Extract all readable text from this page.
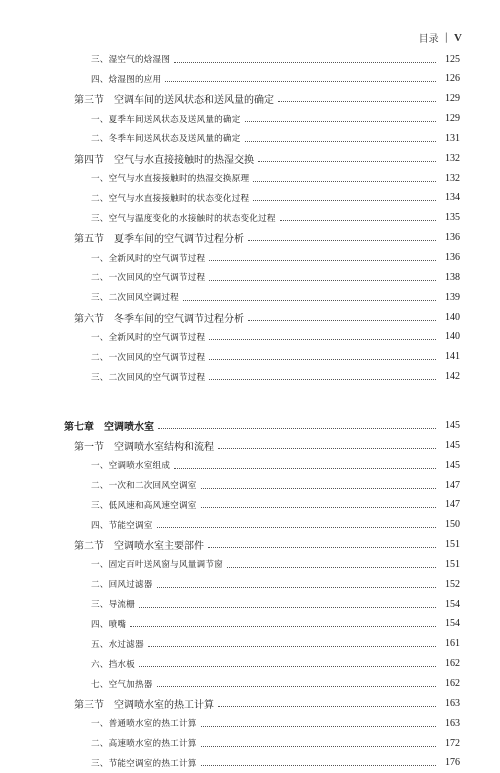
目录 | V
三、湿空气的焓湿图	125
四、焓湿图的应用	126
第三节　空调车间的送风状态和送风量的确定	129
一、夏季车间送风状态及送风量的确定	129
二、冬季车间送风状态及送风量的确定	131
第四节　空气与水直接接触时的热湿交换	132
一、空气与水直接接触时的热湿交换原理	132
二、空气与水直接接触时的状态变化过程	134
三、空气与温度变化的水接触时的状态变化过程	135
第五节　夏季车间的空气调节过程分析	136
一、全新风时的空气调节过程	136
二、一次回风的空气调节过程	138
三、二次回风空调过程	139
第六节　冬季车间的空气调节过程分析	140
一、全新风时的空气调节过程	140
二、一次回风的空气调节过程	141
三、二次回风的空气调节过程	142
第七章　空调喷水室	145
第一节　空调喷水室结构和流程	145
一、空调喷水室组成	145
二、一次和二次回风空调室	147
三、低风速和高风速空调室	147
四、节能空调室	150
第二节　空调喷水室主要部件	151
一、固定百叶送风窗与风量调节窗	151
二、回风过滤器	152
三、导流栅	154
四、喷嘴	154
五、水过滤器	161
六、挡水板	162
七、空气加热器	162
第三节　空调喷水室的热工计算	163
一、普通喷水室的热工计算	163
二、高速喷水室的热工计算	172
三、节能空调室的热工计算	176
